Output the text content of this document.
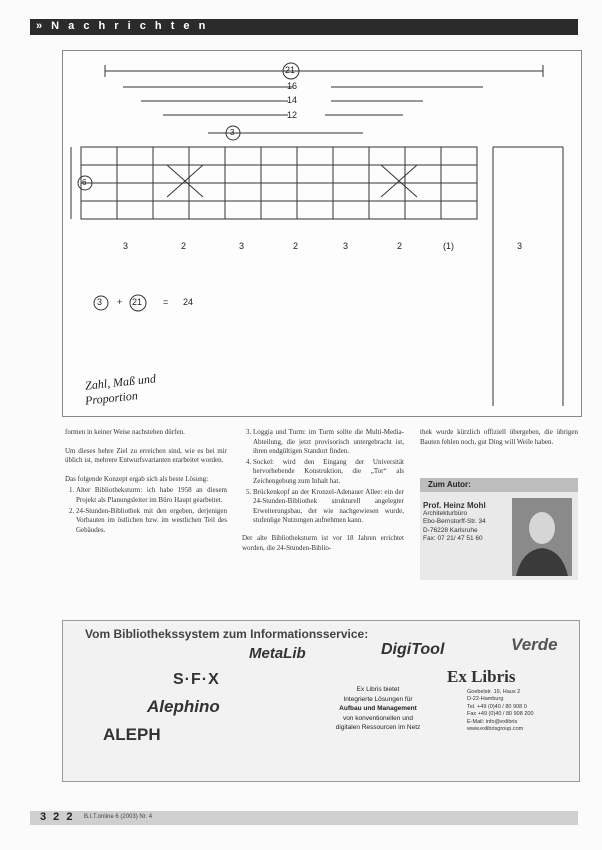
» N a c h r i c h t e n
21
16
14
12
3
6
3	2	3	2	3	2	(1)	3
3 + 21 = 24
Zahl, Maß und
Proportion

formen in keiner Weise nachstehen dürfen.

Um dieses hehre Ziel zu erreichen sind, wie es bei mir üblich ist, mehrere Entwurfsvarianten erarbeitet worden.

Das folgende Konzept ergab sich als beste Lösung:

1. Alter Bibliotheksturm: ich habe 1958 an diesem Projekt als Planungsleiter im Büro Haupt gearbeitet.
2. 24-Stunden-Bibliothek mit den ergeben, derjenigen Vorbauten im östlichen bzw. im westlichen Teil des Gebäudes.
3. Loggia und Turm: im Turm sollte die Multi-Media-Abteilung, die jetzt provisorisch untergebracht ist, ihren endgültigen Standort finden.
4. Sockel: wird den Eingang der Universität hervorhebende Konstruktion, die „Tor“ als Zeichengebung zum Inhalt hat.
5. Brückenkopf an der Kronzel-Adenauer Allee: ein der 24-Stunden-Bibliothek strukturell angelegter Erweiterungsbau, der wie nachgewiesen wurde, stufenlige Nutzungen aufnehmen kann.

Der alte Bibliotheksturm ist vor 18 Jahren errichtet worden, die 24-Stunden-Biblio-

thek wurde kürzlich offiziell übergeben, die übrigen Bauten fehlen noch, gut Ding will Weile haben.

Zum Autor:
Prof. Heinz Mohl
Architekturbüro
Ebo-Bernstorff-Str. 34
D-76228 Karlsruhe
Fax: 07 21/ 47 51 60
Vom Bibliothekssystem zum Informationsservice:
MetaLib	DigiTool	Verde
S·F·X
Alephino
ALEPH
Ex Libris
Ex Libris bietet
Integrierte Lösungen für
Aufbau und Management
von konventionellen und
digitalen Ressourcen im Netz
Goebelstr. 19, Haus 2
D-22-Hamburg
Tel. +49 (0)40 / 80 908 0
Fax +49 (0)40 / 80 908 200
E-Mail: info@exlibris
www.exlibrisgroup.com
3 2 2 B.I.T.online 6 (2003) Nr. 4
